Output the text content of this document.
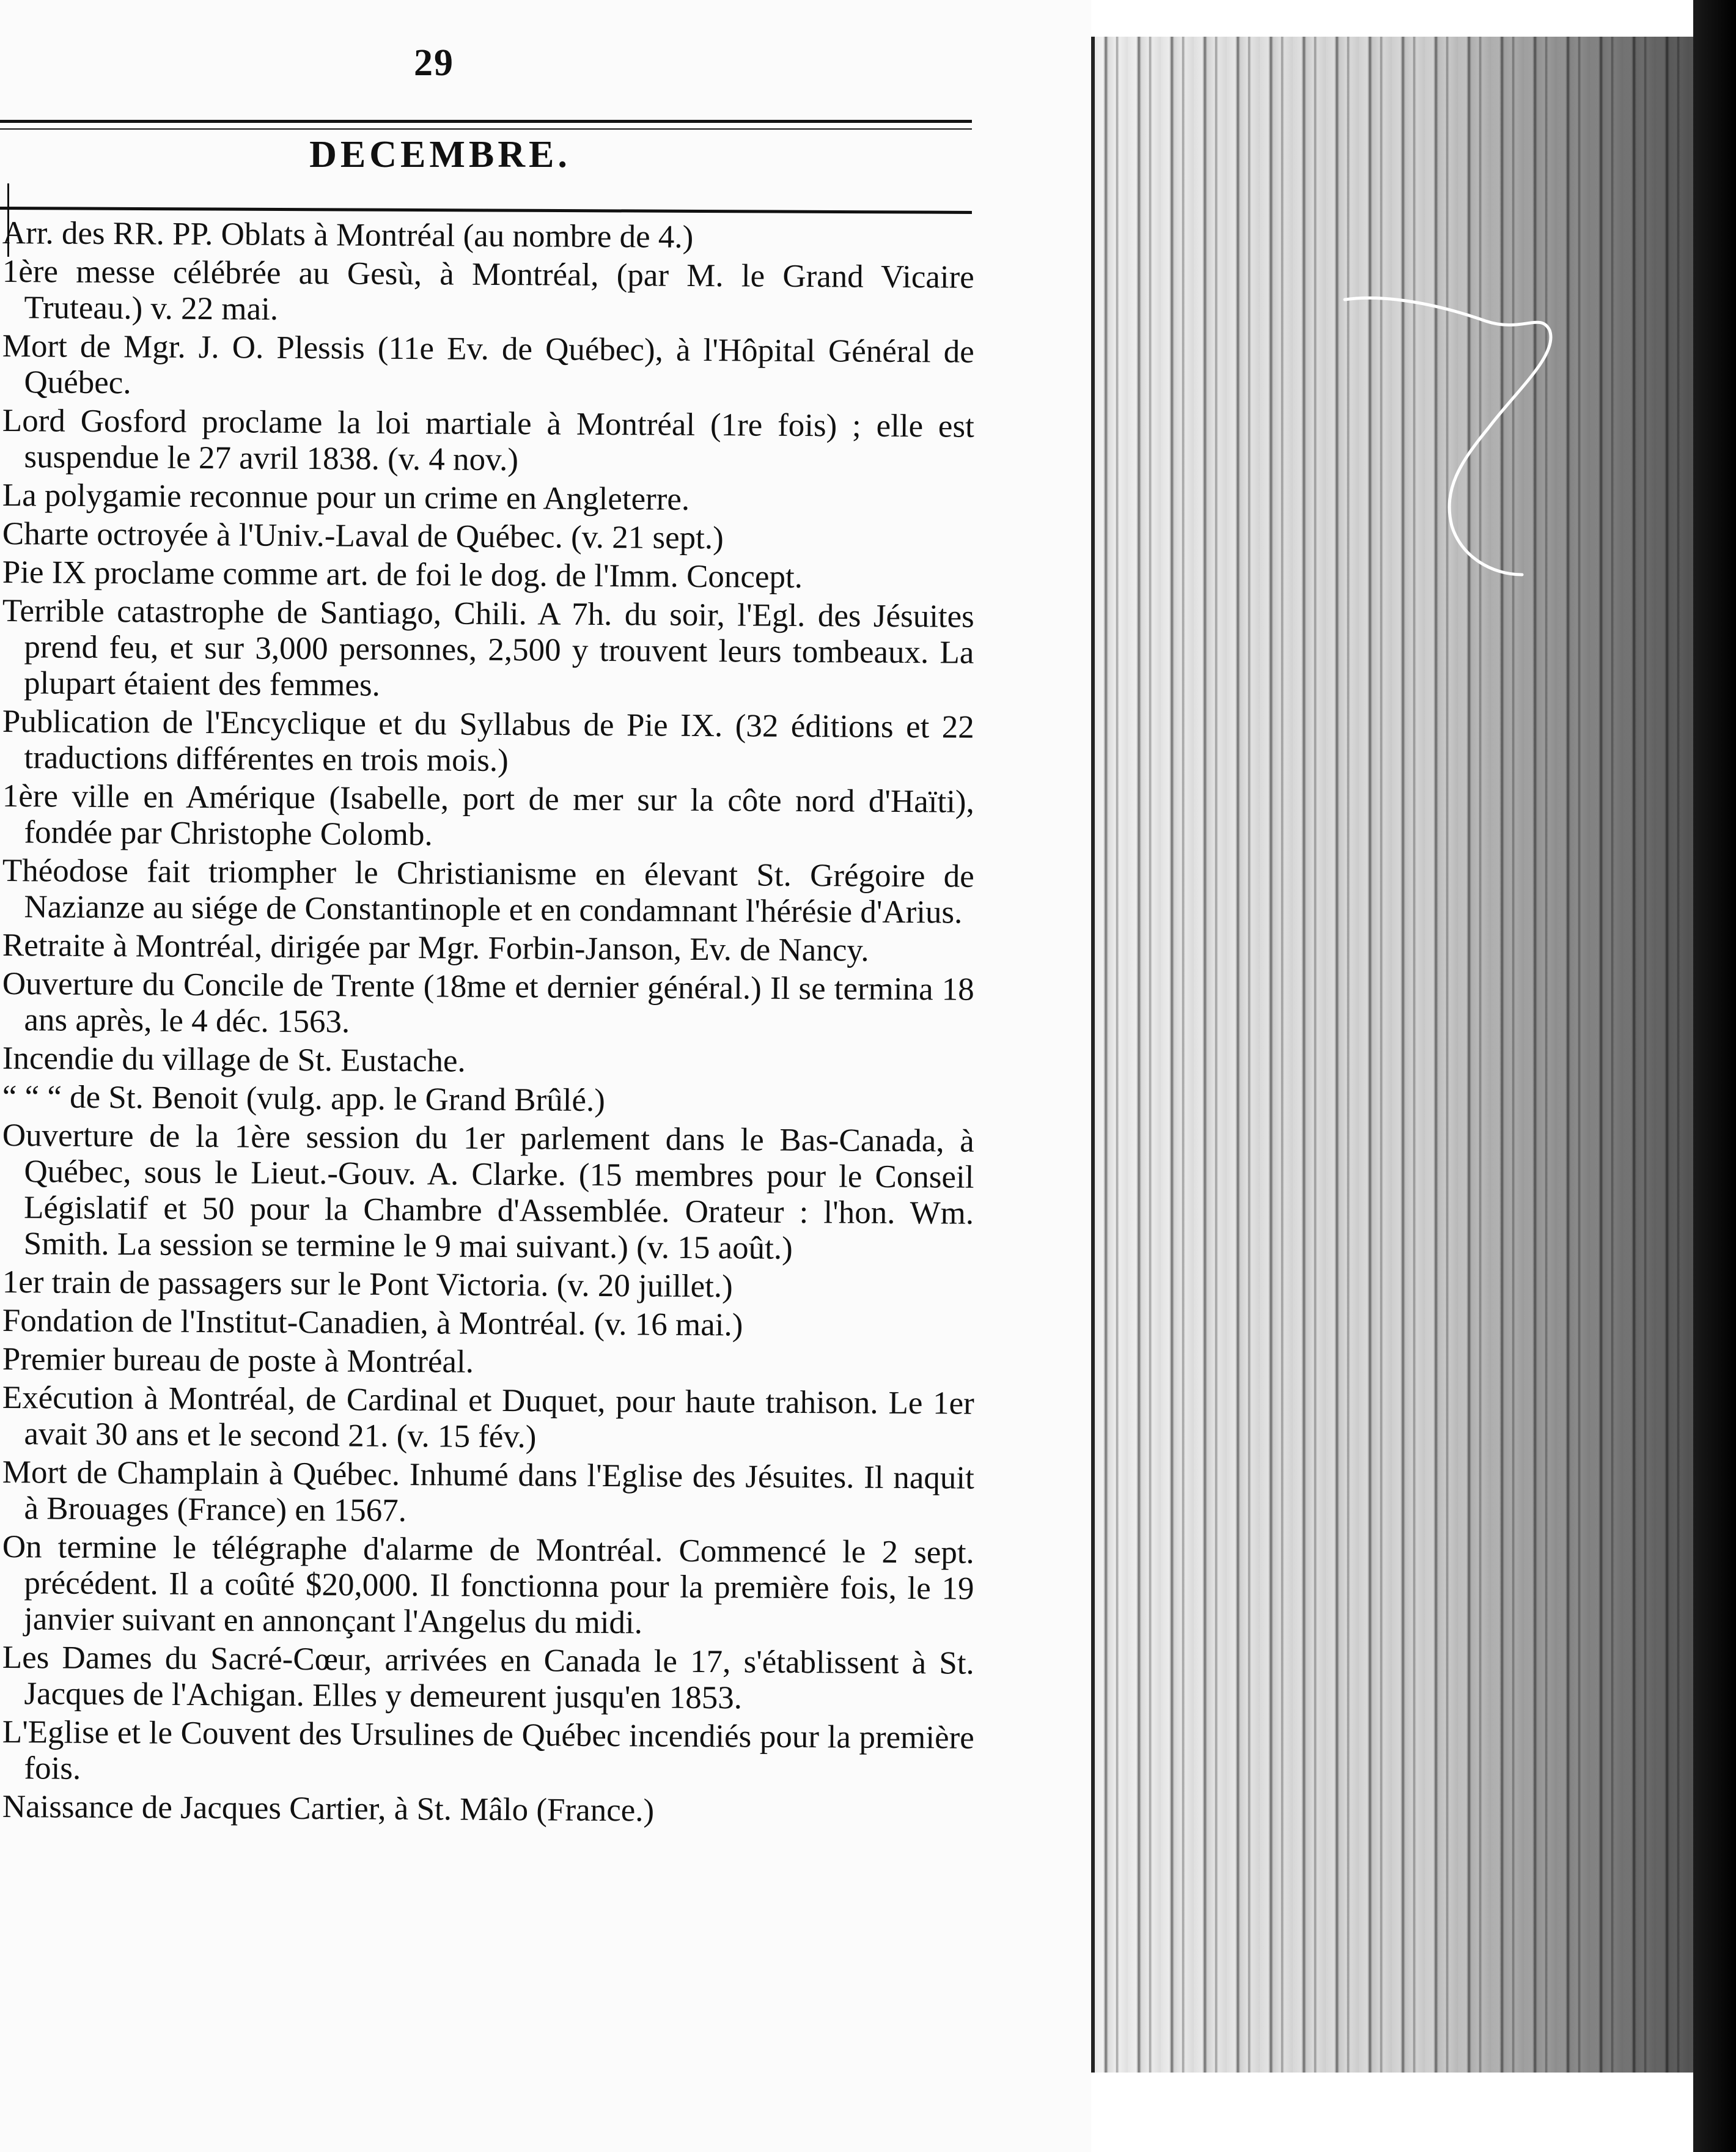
29
DECEMBRE.
Arr. des RR. PP. Oblats à Montréal (au nombre de 4.)
1ère messe célébrée au Gesù, à Montréal, (par M. le Grand Vicaire Truteau.) v. 22 mai.
Mort de Mgr. J. O. Plessis (11e Ev. de Québec), à l'Hôpital Général de Québec.
Lord Gosford proclame la loi martiale à Montréal (1re fois) ; elle est suspendue le 27 avril 1838. (v. 4 nov.)
La polygamie reconnue pour un crime en Angleterre.
Charte octroyée à l'Univ.-Laval de Québec. (v. 21 sept.)
Pie IX proclame comme art. de foi le dog. de l'Imm. Concept.
Terrible catastrophe de Santiago, Chili. A 7h. du soir, l'Egl. des Jésuites prend feu, et sur 3,000 personnes, 2,500 y trouvent leurs tombeaux. La plupart étaient des femmes.
Publication de l'Encyclique et du Syllabus de Pie IX. (32 éditions et 22 traductions différentes en trois mois.)
1ère ville en Amérique (Isabelle, port de mer sur la côte nord d'Haïti), fondée par Christophe Colomb.
Théodose fait triompher le Christianisme en élevant St. Grégoire de Nazianze au siége de Constantinople et en condamnant l'hérésie d'Arius.
Retraite à Montréal, dirigée par Mgr. Forbin-Janson, Ev. de Nancy.
Ouverture du Concile de Trente (18me et dernier général.) Il se termina 18 ans après, le 4 déc. 1563.
Incendie du village de St. Eustache.
“ “ “ de St. Benoit (vulg. app. le Grand Brûlé.)
Ouverture de la 1ère session du 1er parlement dans le Bas-Canada, à Québec, sous le Lieut.-Gouv. A. Clarke. (15 membres pour le Conseil Législatif et 50 pour la Chambre d'Assemblée. Orateur : l'hon. Wm. Smith. La session se termine le 9 mai suivant.) (v. 15 août.)
1er train de passagers sur le Pont Victoria. (v. 20 juillet.)
Fondation de l'Institut-Canadien, à Montréal. (v. 16 mai.)
Premier bureau de poste à Montréal.
Exécution à Montréal, de Cardinal et Duquet, pour haute trahison. Le 1er avait 30 ans et le second 21. (v. 15 fév.)
Mort de Champlain à Québec. Inhumé dans l'Eglise des Jésuites. Il naquit à Brouages (France) en 1567.
On termine le télégraphe d'alarme de Montréal. Commencé le 2 sept. précédent. Il a coûté $20,000. Il fonctionna pour la première fois, le 19 janvier suivant en annonçant l'Angelus du midi.
Les Dames du Sacré-Cœur, arrivées en Canada le 17, s'établissent à St. Jacques de l'Achigan. Elles y demeurent jusqu'en 1853.
L'Eglise et le Couvent des Ursulines de Québec incendiés pour la première fois.
Naissance de Jacques Cartier, à St. Mâlo (France.)
